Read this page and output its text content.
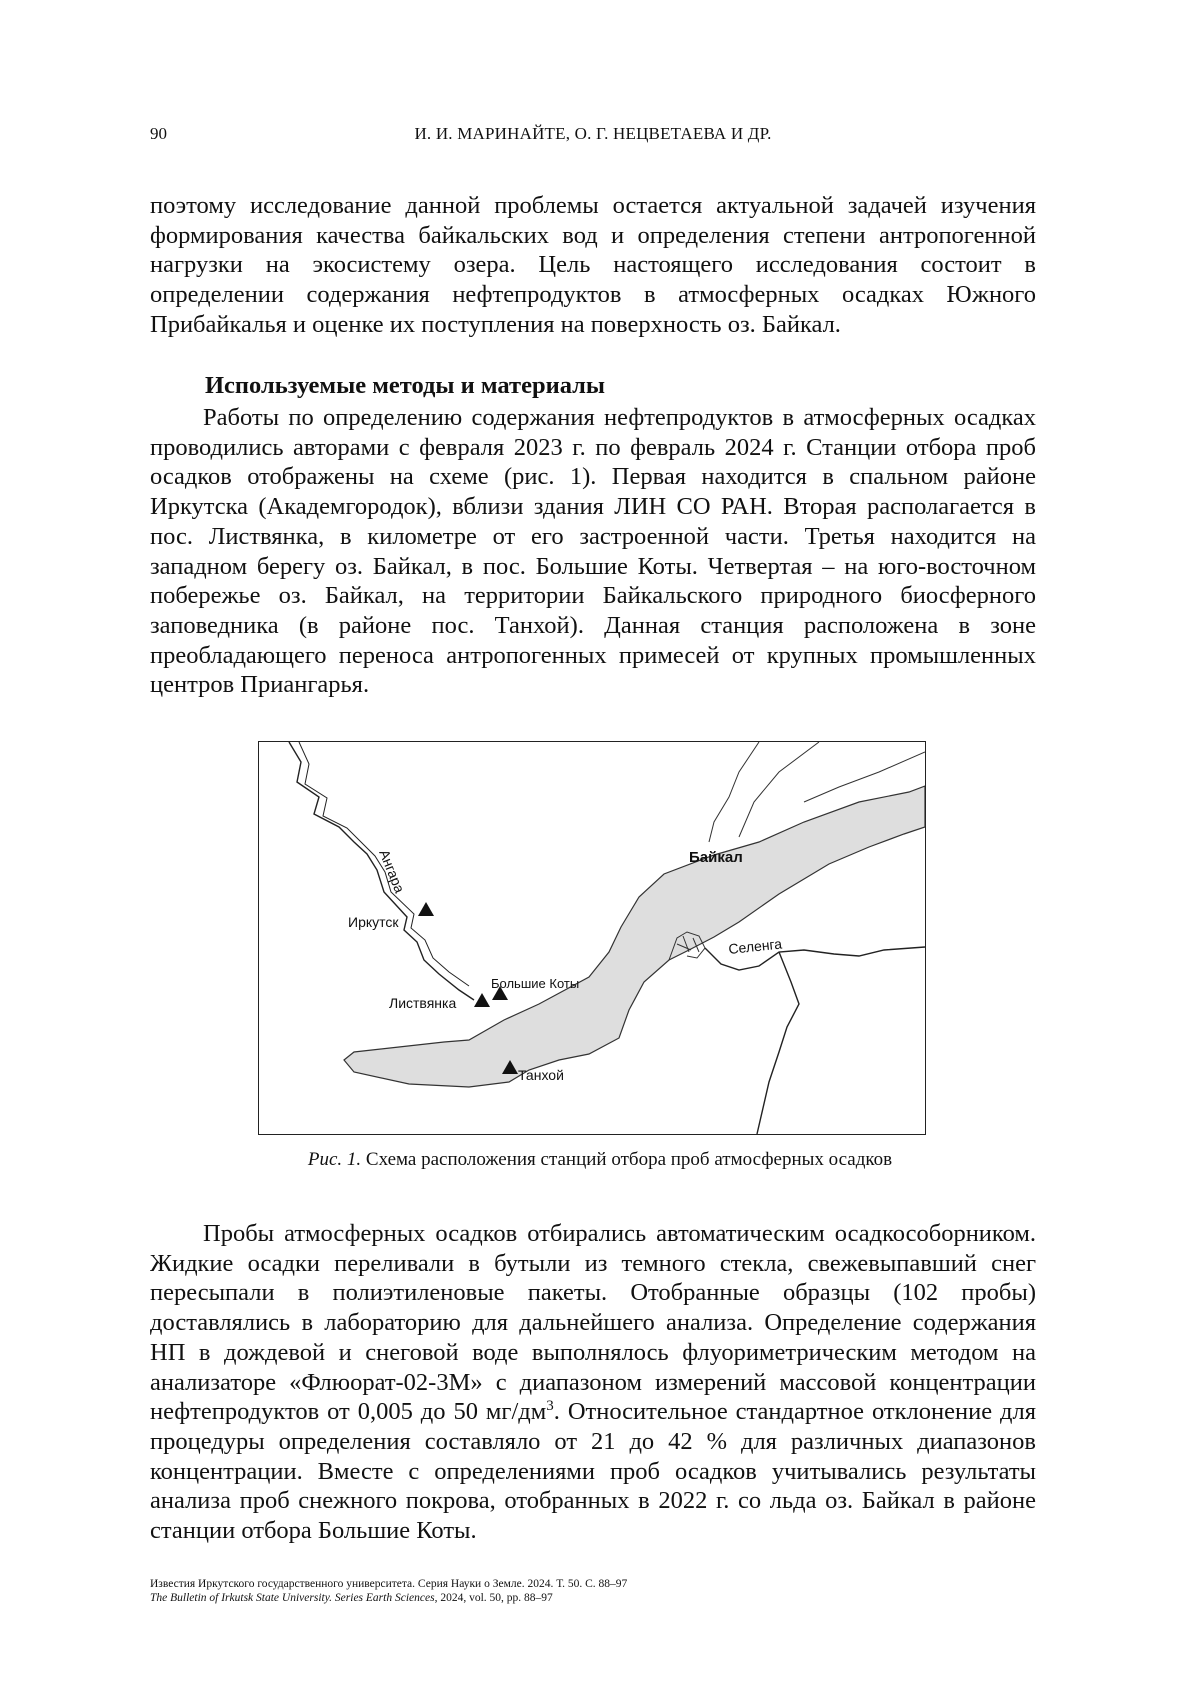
90	И. И. МАРИНАЙТЕ, О. Г. НЕЦВЕТАЕВА И ДР.

поэтому исследование данной проблемы остается актуальной задачей изучения формирования качества байкальских вод и определения степени антропогенной нагрузки на экосистему озера. Цель настоящего исследования состоит в определении содержания нефтепродуктов в атмосферных осадках Южного Прибайкалья и оценке их поступления на поверхность оз. Байкал.

Используемые методы и материалы

Работы по определению содержания нефтепродуктов в атмосферных осадках проводились авторами с февраля 2023 г. по февраль 2024 г. Станции отбора проб осадков отображены на схеме (рис. 1). Первая находится в спальном районе Иркутска (Академгородок), вблизи здания ЛИН СО РАН. Вторая располагается в пос. Листвянка, в километре от его застроенной части. Третья находится на западном берегу оз. Байкал, в пос. Большие Коты. Четвертая – на юго-восточном побережье оз. Байкал, на территории Байкальского природного биосферного заповедника (в районе пос. Танхой). Данная станция расположена в зоне преобладающего переноса антропогенных примесей от крупных промышленных центров Приангарья.

Ангара
Иркутск
Листвянка
Большие Коты
Танхой
Байкал
Селенга
Рис. 1. Схема расположения станций отбора проб атмосферных осадков

Пробы атмосферных осадков отбирались автоматическим осадкособорником. Жидкие осадки переливали в бутыли из темного стекла, свежевыпавший снег пересыпали в полиэтиленовые пакеты. Отобранные образцы (102 пробы) доставлялись в лабораторию для дальнейшего анализа. Определение содержания НП в дождевой и снеговой воде выполнялось флуориметрическим методом на анализаторе «Флюорат-02-3М» с диапазоном измерений массовой концентрации нефтепродуктов от 0,005 до 50 $мг/дм^3$. Относительное стандартное отклонение для процедуры определения составляло от 21 до 42 % для различных диапазонов концентрации. Вместе с определениями проб осадков учитывались результаты анализа проб снежного покрова, отобранных в 2022 г. со льда оз. Байкал в районе станции отбора Большие Коты.

Известия Иркутского государственного университета. Серия Науки о Земле. 2024. Т. 50. С. 88–97
The Bulletin of Irkutsk State University. Series Earth Sciences, 2024, vol. 50, pp. 88–97
